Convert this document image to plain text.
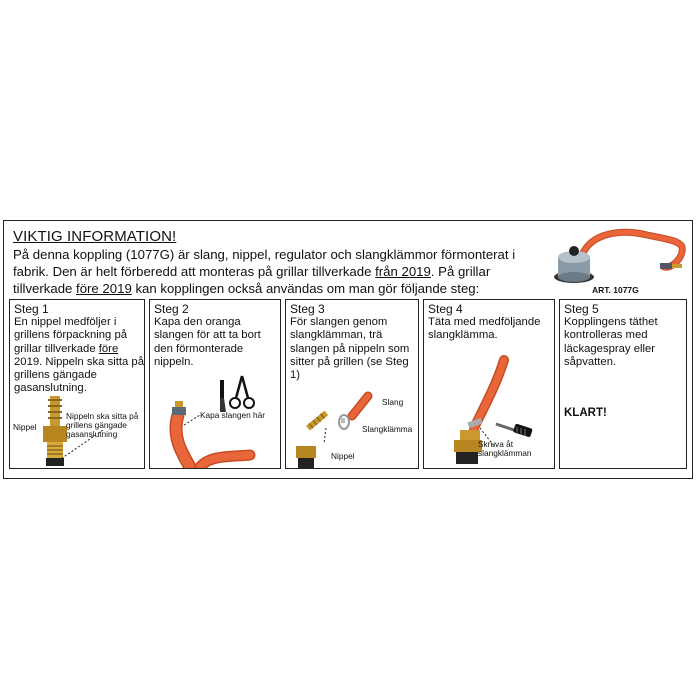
VIKTIG INFORMATION!
På denna koppling (1077G) är slang, nippel, regulator och slangklämmor förmonterat i fabrik. Den är helt förberedd att monteras på grillar tillverkade från 2019. På grillar tillverkade före 2019 kan kopplingen också användas om man gör följande steg:	ART. 1077G
Steg 1
En nippel medföljer i grillens förpackning på grillar tillverkade före 2019. Nippeln ska sitta på grillens gängade gasanslutning.
Nippel
Nippeln ska sitta på grillens gängade gasanslutning
Steg 2
Kapa den oranga slangen för att ta bort den förmonterade nippeln.
Kapa slangen här
Steg 3
För slangen genom slangklämman, trä slangen på nippeln som sitter på grillen (se Steg 1)
Slang
Slangklämma
Nippel
Steg 4
Täta med medföljande slangklämma.
Skruva åt slangklämman
Steg 5
Kopplingens täthet kontrolleras med läckagespray eller såpvatten.
KLART!
